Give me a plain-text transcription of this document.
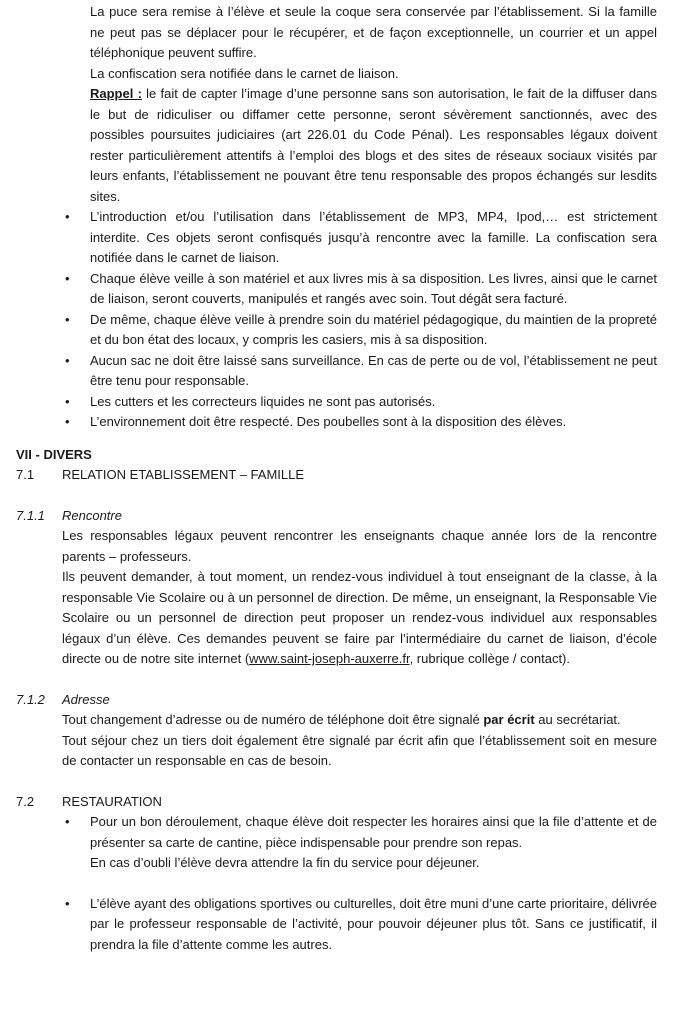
La puce sera remise à l’élève et seule la coque sera conservée par l’établissement. Si la famille ne peut pas se déplacer pour le récupérer, et de façon exceptionnelle, un courrier et un appel téléphonique peuvent suffire.

La confiscation sera notifiée dans le carnet de liaison.

Rappel : le fait de capter l’image d’une personne sans son autorisation, le fait de la diffuser dans le but de ridiculiser ou diffamer cette personne, seront sévèrement sanctionnés, avec des possibles poursuites judiciaires (art 226.01 du Code Pénal). Les responsables légaux doivent rester particulièrement attentifs à l’emploi des blogs et des sites de réseaux sociaux visités par leurs enfants, l’établissement ne pouvant être tenu responsable des propos échangés sur lesdits sites.

• L’introduction et/ou l’utilisation dans l’établissement de MP3, MP4, Ipod,… est strictement interdite. Ces objets seront confisqués jusqu’à rencontre avec la famille. La confiscation sera notifiée dans le carnet de liaison.
• Chaque élève veille à son matériel et aux livres mis à sa disposition. Les livres, ainsi que le carnet de liaison, seront couverts, manipulés et rangés avec soin. Tout dégât sera facturé.
• De même, chaque élève veille à prendre soin du matériel pédagogique, du maintien de la propreté et du bon état des locaux, y compris les casiers, mis à sa disposition.
• Aucun sac ne doit être laissé sans surveillance. En cas de perte ou de vol, l’établissement ne peut être tenu pour responsable.
• Les cutters et les correcteurs liquides ne sont pas autorisés.
• L’environnement doit être respecté. Des poubelles sont à la disposition des élèves.

VII - DIVERS

7.1	RELATION ETABLISSEMENT – FAMILLE
7.1.1	Rencontre

Les responsables légaux peuvent rencontrer les enseignants chaque année lors de la rencontre parents – professeurs.

Ils peuvent demander, à tout moment, un rendez-vous individuel à tout enseignant de la classe, à la responsable Vie Scolaire ou à un personnel de direction. De même, un enseignant, la Responsable Vie Scolaire ou un personnel de direction peut proposer un rendez-vous individuel aux responsables légaux d’un élève. Ces demandes peuvent se faire par l’intermédiaire du carnet de liaison, d’école directe ou de notre site internet (www.saint-joseph-auxerre.fr, rubrique collège / contact).

7.1.2	Adresse

Tout changement d’adresse ou de numéro de téléphone doit être signalé par écrit au secrétariat.

Tout séjour chez un tiers doit également être signalé par écrit afin que l’établissement soit en mesure de contacter un responsable en cas de besoin.

7.2	RESTAURATION
• Pour un bon déroulement, chaque élève doit respecter les horaires ainsi que la file d’attente et de présenter sa carte de cantine, pièce indispensable pour prendre son repas.
En cas d’oubli l’élève devra attendre la fin du service pour déjeuner.
• L’élève ayant des obligations sportives ou culturelles, doit être muni d’une carte prioritaire, délivrée par le professeur responsable de l’activité, pour pouvoir déjeuner plus tôt. Sans ce justificatif, il prendra la file d’attente comme les autres.
